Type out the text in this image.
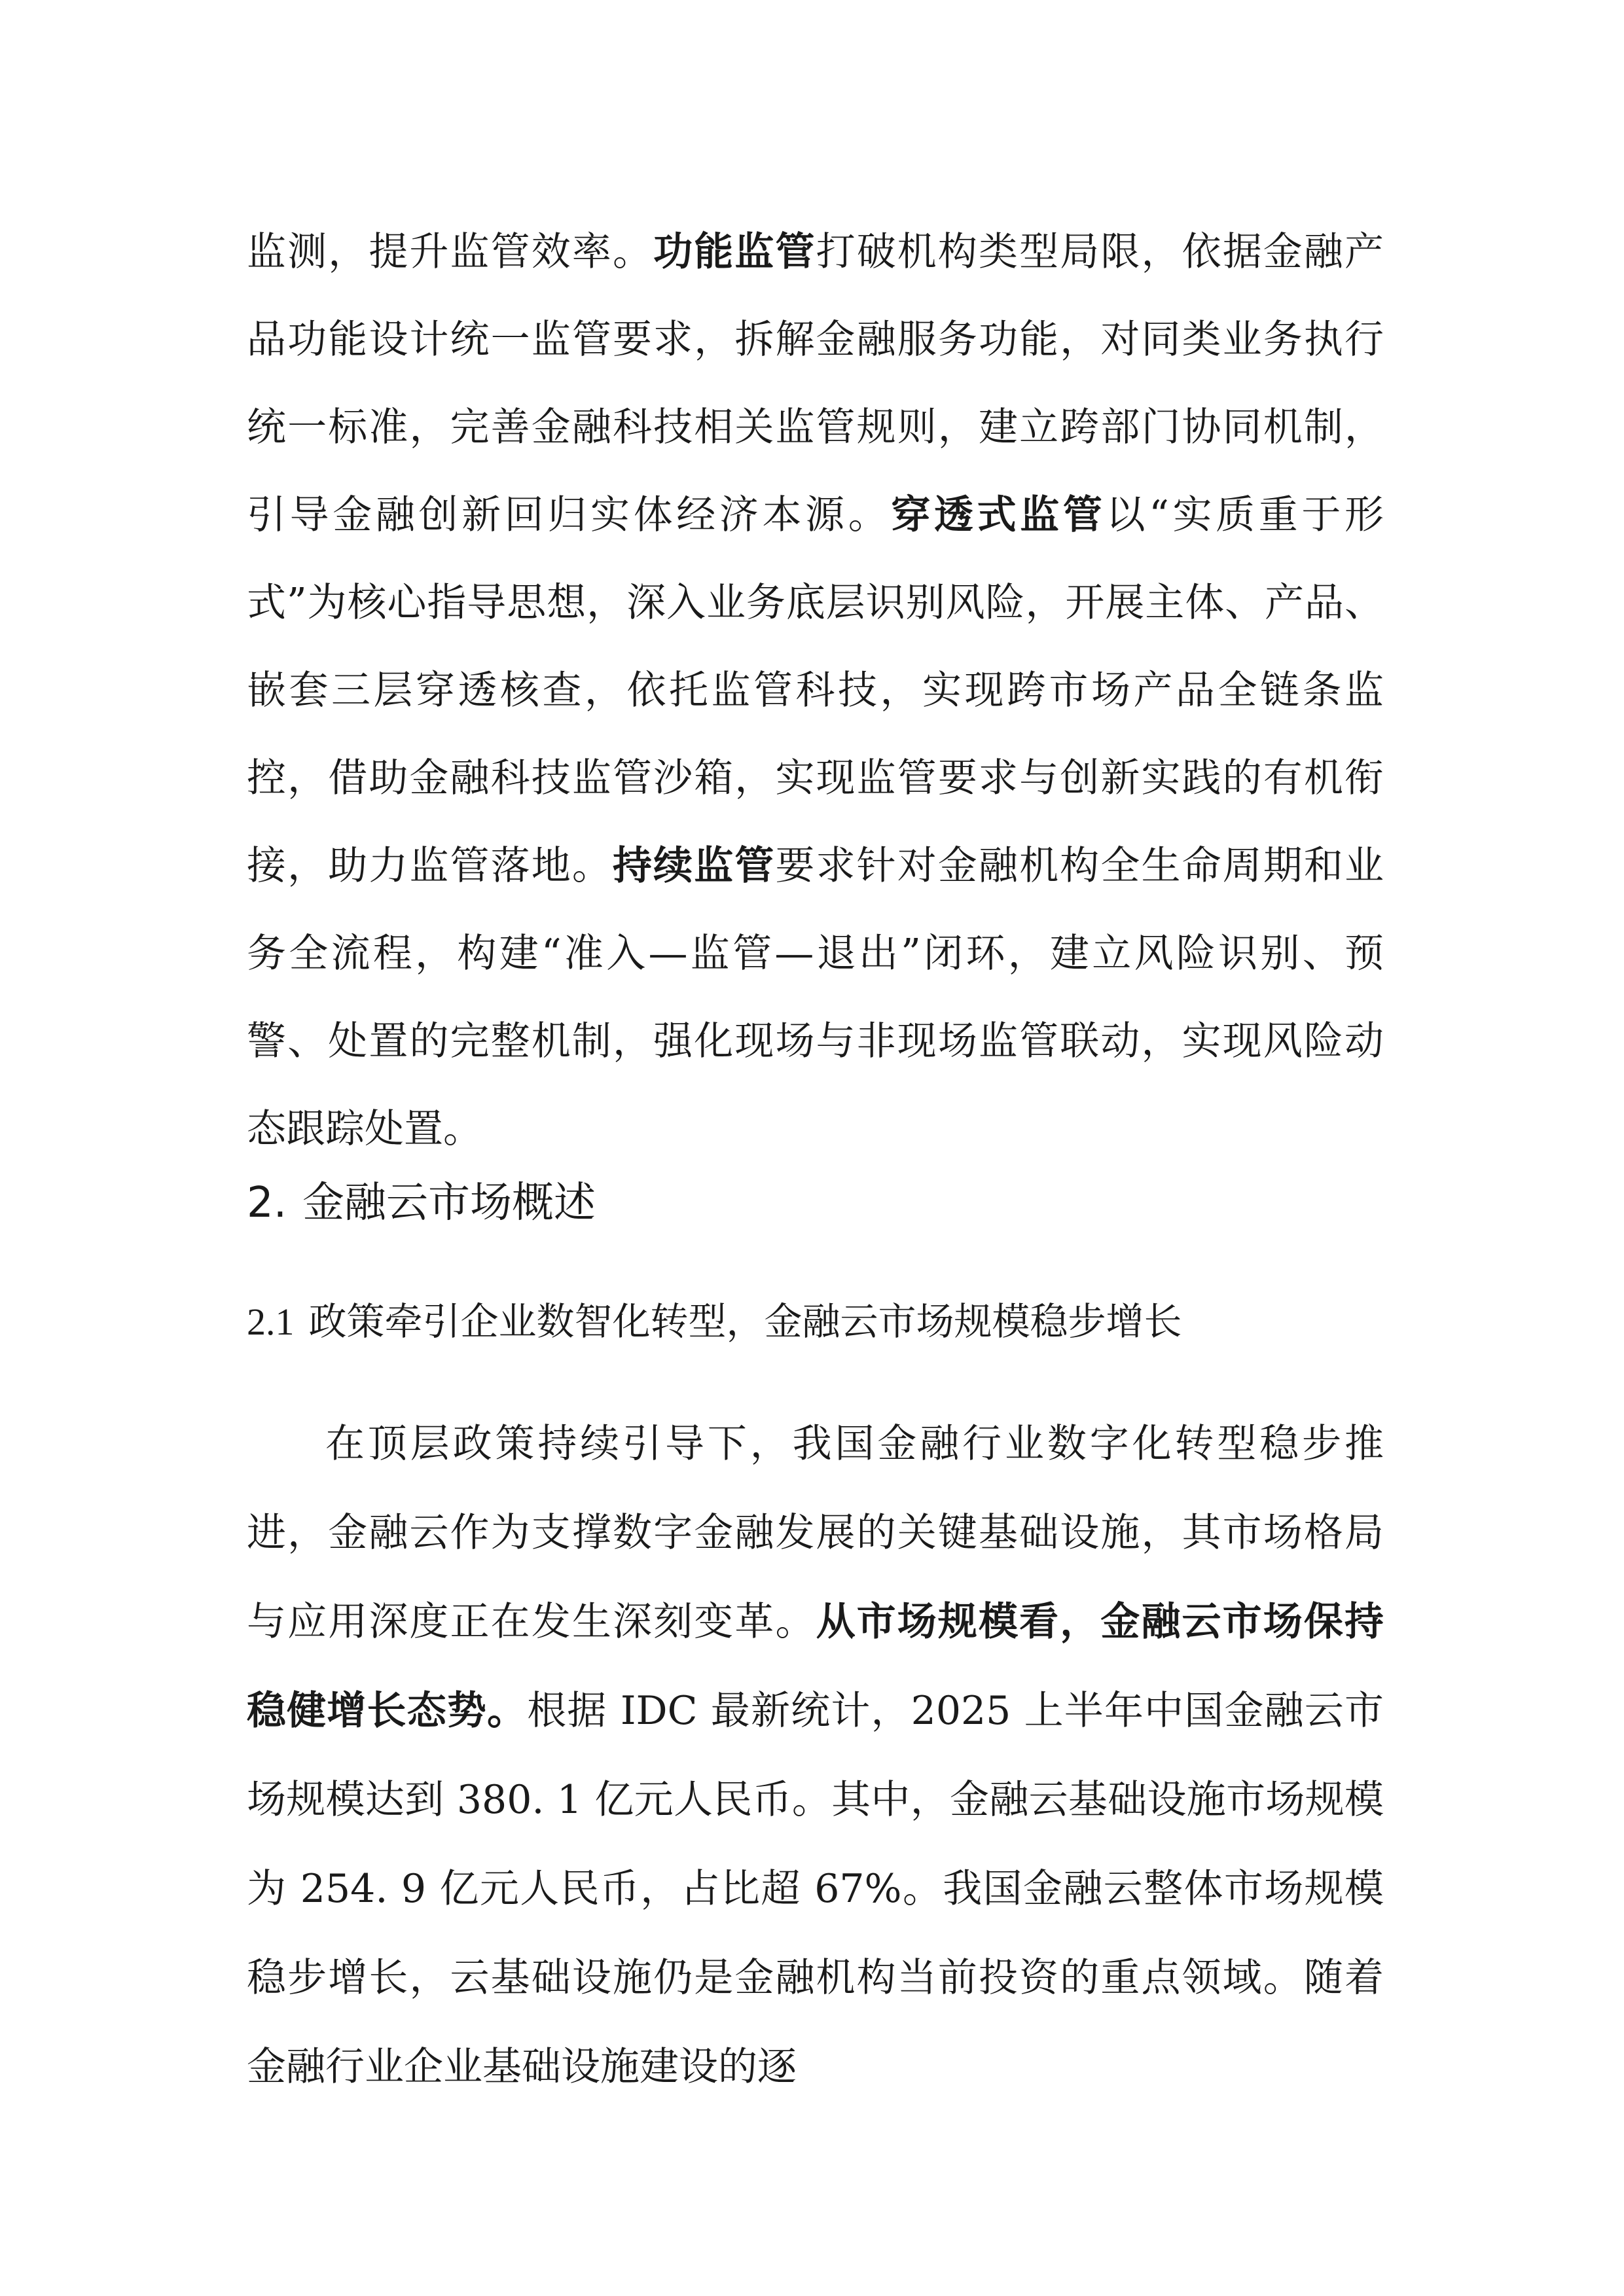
监测，提升监管效率。功能监管打破机构类型局限，依据金融产品功能设计统一监管要求，拆解金融服务功能，对同类业务执行统一标准，完善金融科技相关监管规则，建立跨部门协同机制，引导金融创新回归实体经济本源。穿透式监管以“实质重于形式”为核心指导思想，深入业务底层识别风险，开展主体、产品、嵌套三层穿透核查，依托监管科技，实现跨市场产品全链条监控，借助金融科技监管沙箱，实现监管要求与创新实践的有机衔接，助力监管落地。持续监管要求针对金融机构全生命周期和业务全流程，构建“准入—监管—退出”闭环，建立风险识别、预警、处置的完整机制，强化现场与非现场监管联动，实现风险动态跟踪处置。

2. 金融云市场概述
2.1 政策牵引企业数智化转型，金融云市场规模稳步增长

在顶层政策持续引导下，我国金融行业数字化转型稳步推进，金融云作为支撑数字金融发展的关键基础设施，其市场格局与应用深度正在发生深刻变革。从市场规模看，金融云市场保持稳健增长态势。根据 IDC 最新统计，2025 上半年中国金融云市场规模达到 380. 1 亿元人民币。其中，金融云基础设施市场规模为 254. 9 亿元人民币，占比超 67%。我国金融云整体市场规模稳步增长，云基础设施仍是金融机构当前投资的重点领域。随着金融行业企业基础设施建设的逐
